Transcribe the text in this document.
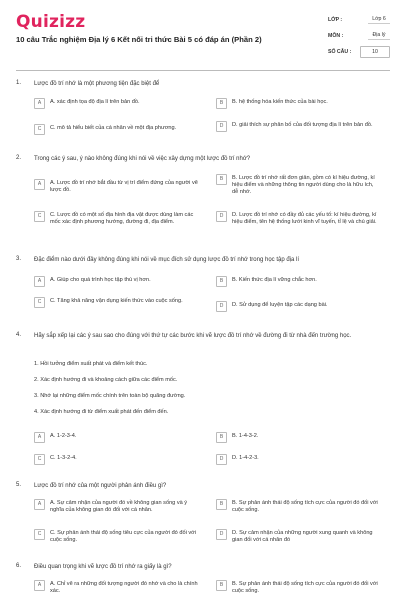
Quizizz
10 câu Trắc nghiệm Địa lý 6 Kết nối tri thức Bài 5 có đáp án (Phần 2)
LỚP :	Lớp 6
MÔN :	Địa lý
SỐ CÂU :	10
1. Lược đồ trí nhớ là một phương tiện đặc biệt để
A	A. xác định tọa độ địa lí trên bản đồ.	B	B. hệ thống hóa kiến thức của bài học.
C	C. mô tả hiểu biết của cá nhân về một địa phương.	D	D. giải thích sự phân bố của đối tượng địa lí trên bản đồ.
2. Trong các ý sau, ý nào không đúng khi nói về việc xây dựng một lược đồ trí nhớ?
A	A. Lược đồ trí nhớ bắt đầu từ vị trí điểm đứng của người vẽ lược đồ.
B	B. Lược đồ trí nhớ rất đơn giản, gồm có kí hiệu đường, kí hiệu điểm và những thông tin người dùng cho là hữu ích, dễ nhớ.
C	C. Lược đồ có một số địa hình địa vật được dùng làm các mốc xác định phương hướng, đường đi, địa điểm.
D	D. Lược đồ trí nhớ có đầy đủ các yếu tố: kí hiệu đường, kí hiệu điểm, tên hệ thống lưới kinh vĩ tuyến, tỉ lệ và chú giải.
3. Đặc điểm nào dưới đây không đúng khi nói về mục đích sử dụng lược đồ trí nhớ trong học tập địa lí
A	A. Giúp cho quá trình học tập thú vị hơn.	B	B. Kiến thức địa lí vững chắc hơn.
C	C. Tăng khả năng vận dụng kiến thức vào cuộc sống.
D	D. Sử dụng để luyện tập các dạng bài.
4. Hãy sắp xếp lại các ý sau sao cho đúng với thứ tự các bước khi vẽ lược đồ trí nhớ về đường đi từ nhà đến trường học.
1. Hồi tưởng điểm xuất phát và điểm kết thúc.
2. Xác định hướng đi và khoảng cách giữa các điểm mốc.
3. Nhớ lại những điểm mốc chính trên toàn bộ quãng đường.
4. Xác định hướng đi từ điểm xuất phát đến điểm đến.
A	A. 1-2-3-4.	B	B. 1-4-3-2.
C	C. 1-3-2-4.	D	D. 1-4-2-3.
5. Lược đồ trí nhớ của một người phản ánh điều gì?
A	A. Sự cảm nhận của người đó về không gian sống và ý nghĩa của không gian đó đối với cá nhân.
B	B. Sự phản ánh thái độ sống tích cực của người đó đối với cuộc sống.
C	C. Sự phản ánh thái độ sống tiêu cực của người đó đối với cuộc sống.
D	D. Sự cảm nhận của những người xung quanh và không gian đối với cá nhân đó
6. Điều quan trọng khi vẽ lược đồ trí nhớ ra giấy là gì?
A	A. Chỉ vẽ ra những đối tượng người đó nhớ và cho là chính xác.
B	B. Sự phản ánh thái độ sống tích cực của người đó đối với cuộc sống.
